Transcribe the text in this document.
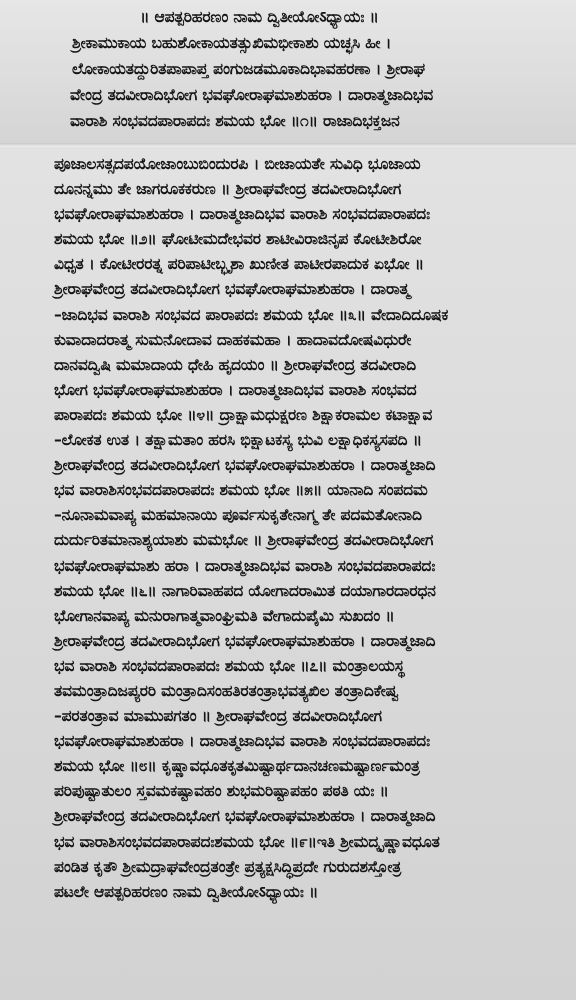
॥ ಆಪತ್ಪರಿಹರಣಂ ನಾಮ ದ್ವಿತೀಯೋऽಧ್ಯಾಯಃ ॥
ಶ್ರೀಕಾಮುಕಾಯ ಬಹುಶೋಕಾಯತತ್ಸುಖಿಮಭೀಕಾಶು ಯಚ್ಛಸಿ ಹೀ ।
ಲೋಕಾಯತದ್ದುರಿತಪಾಪಾಪ್ತ ಪಂಗುಜಡಮೂಕಾದಿಭಾವಹರಣಾ । ಶ್ರೀರಾಘ
ವೇಂದ್ರ ತದವೀರಾದಿಭೋಗ ಭವಘೋರಾಘಮಾಶುಹರಾ । ದಾರಾತ್ಮಜಾದಿಭವ
ವಾರಾಶಿ ಸಂಭವದಪಾರಾಪದಃ ಶಮಯ ಭೋ ॥೧॥ ರಾಜಾದಿಭಕ್ತಜನ
ಪೂಜಾಲಸತ್ಸದಪಯೋಜಾಂಬುಬಿಂದುರಪಿ । ಬೀಜಾಯತೇ ಸುವಿಧಿ ಭೂಜಾಯ
ದೂನನ್ನಮು ತೇ ಜಾಗರೂಕಕರುಣ ॥ ಶ್ರೀರಾಘವೇಂದ್ರ ತದವೀರಾದಿಭೋಗ
ಭವಘೋರಾಘಮಾಶುಹರಾ । ದಾರಾತ್ಮಜಾದಿಭವ ವಾರಾಶಿ ಸಂಭವದಪಾರಾಪದಃ
ಶಮಯ ಭೋ ॥೨॥ ಘೋಟೀಮದೇಭವರ ಶಾಟೀವಿರಾಜಿನೃಪ ಕೋಟೀಶಿರೋ
ವಿಧೃತ । ಕೋಟೀರರತ್ನ ಪರಿಪಾಟೀಬ್ಭೃಶಾ ಖುಣೀತ ಪಾಟೀರಪಾದುಕ ಏಭೋ ॥
ಶ್ರೀರಾಘವೇಂದ್ರ ತದವೀರಾದಿಭೋಗ ಭವಘೋರಾಘಮಾಶುಹರಾ । ದಾರಾತ್ಮ
–ಜಾದಿಭವ ವಾರಾಶಿ ಸಂಭವದ ಪಾರಾಪದಃ ಶಮಯ ಭೋ ॥೩॥ ವೇದಾದಿದೂಷಕ
ಕುವಾದಾದರಾತ್ಮ ಸುಮನೋದಾವ ದಾಹಕಮಹಾ । ಹಾದಾವದೋಷವಿಧುರೇ
ದಾನವದ್ವಿಷಿ ಮಮಾದಾಯ ಧೇಹಿ ಹೃದಯಂ ॥ ಶ್ರೀರಾಘವೇಂದ್ರ ತದವೀರಾದಿ
ಭೋಗ ಭವಘೋರಾಘಮಾಶುಹರಾ । ದಾರಾತ್ಮಜಾದಿಭವ ವಾರಾಶಿ ಸಂಭವದ
ಪಾರಾಪದಃ ಶಮಯ ಭೋ ॥೪॥ ದ್ರಾಕ್ಷಾಮಧುಕ್ಷರಣ ಶಿಕ್ಷಾಕರಾಮಲ ಕಟಾಕ್ಷಾವ
–ಲೋಕತ ಉತ । ತಕ್ಷಾಮತಾಂ ಹರಸಿ ಭಿಕ್ಷಾಟಕಸ್ಯ ಭುವಿ ಲಕ್ಷಾಧಿಕಸ್ಯಸಪದಿ ॥
ಶ್ರೀರಾಘವೇಂದ್ರ ತದವೀರಾದಿಭೋಗ ಭವಘೋರಾಘಮಾಶುಹರಾ । ದಾರಾತ್ಮಜಾದಿ
ಭವ ವಾರಾಶಿಸಂಭವದಪಾರಾಪದಃ ಶಮಯ ಭೋ ॥೫॥ ಯಾನಾದಿ ಸಂಪದಮ
–ನೂನಾಮವಾಪ್ಯ ಮಹಮಾನಾಯಿ ಪೂರ್ವಸುಕೃತೇನಾಗ್ಮ ತೇ ಪದಮತೋನಾದಿ
ದುರ್ದುರಿತಮಾನಾಶ್ಯಯಾಶು ಮಮಭೋ ॥ ಶ್ರೀರಾಘವೇಂದ್ರ ತದವೀರಾದಿಭೋಗ
ಭವಘೋರಾಘಮಾಶು ಹರಾ । ದಾರಾತ್ಮಜಾದಿಭವ ವಾರಾಶಿ ಸಂಭವದಪಾರಾಪದಃ
ಶಮಯ ಭೋ ॥೬॥ ನಾಗಾರಿವಾಹಪದ ಯೋಗಾದರಾಮಿತ ದಯಾಗಾರದಾರಧನ
ಭೋಗಾನವಾಪ್ಯ ಮನುರಾಗಾತ್ಮವಾಂಘ್ರಿಮತಿ ವೇಗಾದುಪೈಮಿ ಸುಖದಂ ॥
ಶ್ರೀರಾಘವೇಂದ್ರ ತದವೀರಾದಿಭೋಗ ಭವಘೋರಾಘಮಾಶುಹರಾ । ದಾರಾತ್ಮಜಾದಿ
ಭವ ವಾರಾಶಿ ಸಂಭವದಪಾರಾಪದಃ ಶಮಯ ಭೋ ॥೭॥ ಮಂತ್ರಾಲಯಸ್ಥ
ತವಮಂತ್ರಾದಿಜಪ್ಯರರಿ ಮಂತ್ರಾದಿಸಂಹತಿರತಂತ್ರಾಭವತ್ಯಖಿಲ ತಂತ್ರಾದಿಕೇಷ್ವ
–ಪರತಂತ್ರಾವ ಮಾಮುಪಗತಂ ॥ ಶ್ರೀರಾಘವೇಂದ್ರ ತದವೀರಾದಿಭೋಗ
ಭವಘೋರಾಘಮಾಶುಹರಾ । ದಾರಾತ್ಮಜಾದಿಭವ ವಾರಾಶಿ ಸಂಭವದಪಾರಾಪದಃ
ಶಮಯ ಭೋ ॥೮॥ ಕೃಷ್ಣಾವಧೂತಕೃತಮಿಷ್ಟಾರ್ಥದಾನಚಣಮಷ್ಟಾರ್ಣಮಂತ್ರ
ಪರಿಪುಷ್ಟಾತುಲಂ ಸ್ತವಮಕಷ್ಟಾವಹಂ ಶುಭಮರಿಷ್ಟಾಪಹಂ ಪಠತಿ ಯಃ ॥
ಶ್ರೀರಾಘವೇಂದ್ರ ತದವೀರಾದಿಭೋಗ ಭವಘೋರಾಘಮಾಶುಹರಾ । ದಾರಾತ್ಮಜಾದಿ
ಭವ ವಾರಾಶಿಸಂಭವದಪಾರಾಪದಃಶಮಯ ಭೋ ॥೯॥ಇತಿ ಶ್ರೀಮದ್ಕೃಷ್ಣಾವಧೂತ
ಪಂಡಿತ ಕೃತೌ ಶ್ರೀಮದ್ರಾಘವೇಂದ್ರತಂತ್ರೇ ಪ್ರತ್ಯಕ್ಷಸಿದ್ಧಿಪ್ರದೇ ಗುರುದಶಸ್ತೋತ್ರ
ಪಟಲೇ ಆಪತ್ಪರಿಹರಣಂ ನಾಮ ದ್ವಿತೀಯೋऽಧ್ಯಾಯಃ ॥
